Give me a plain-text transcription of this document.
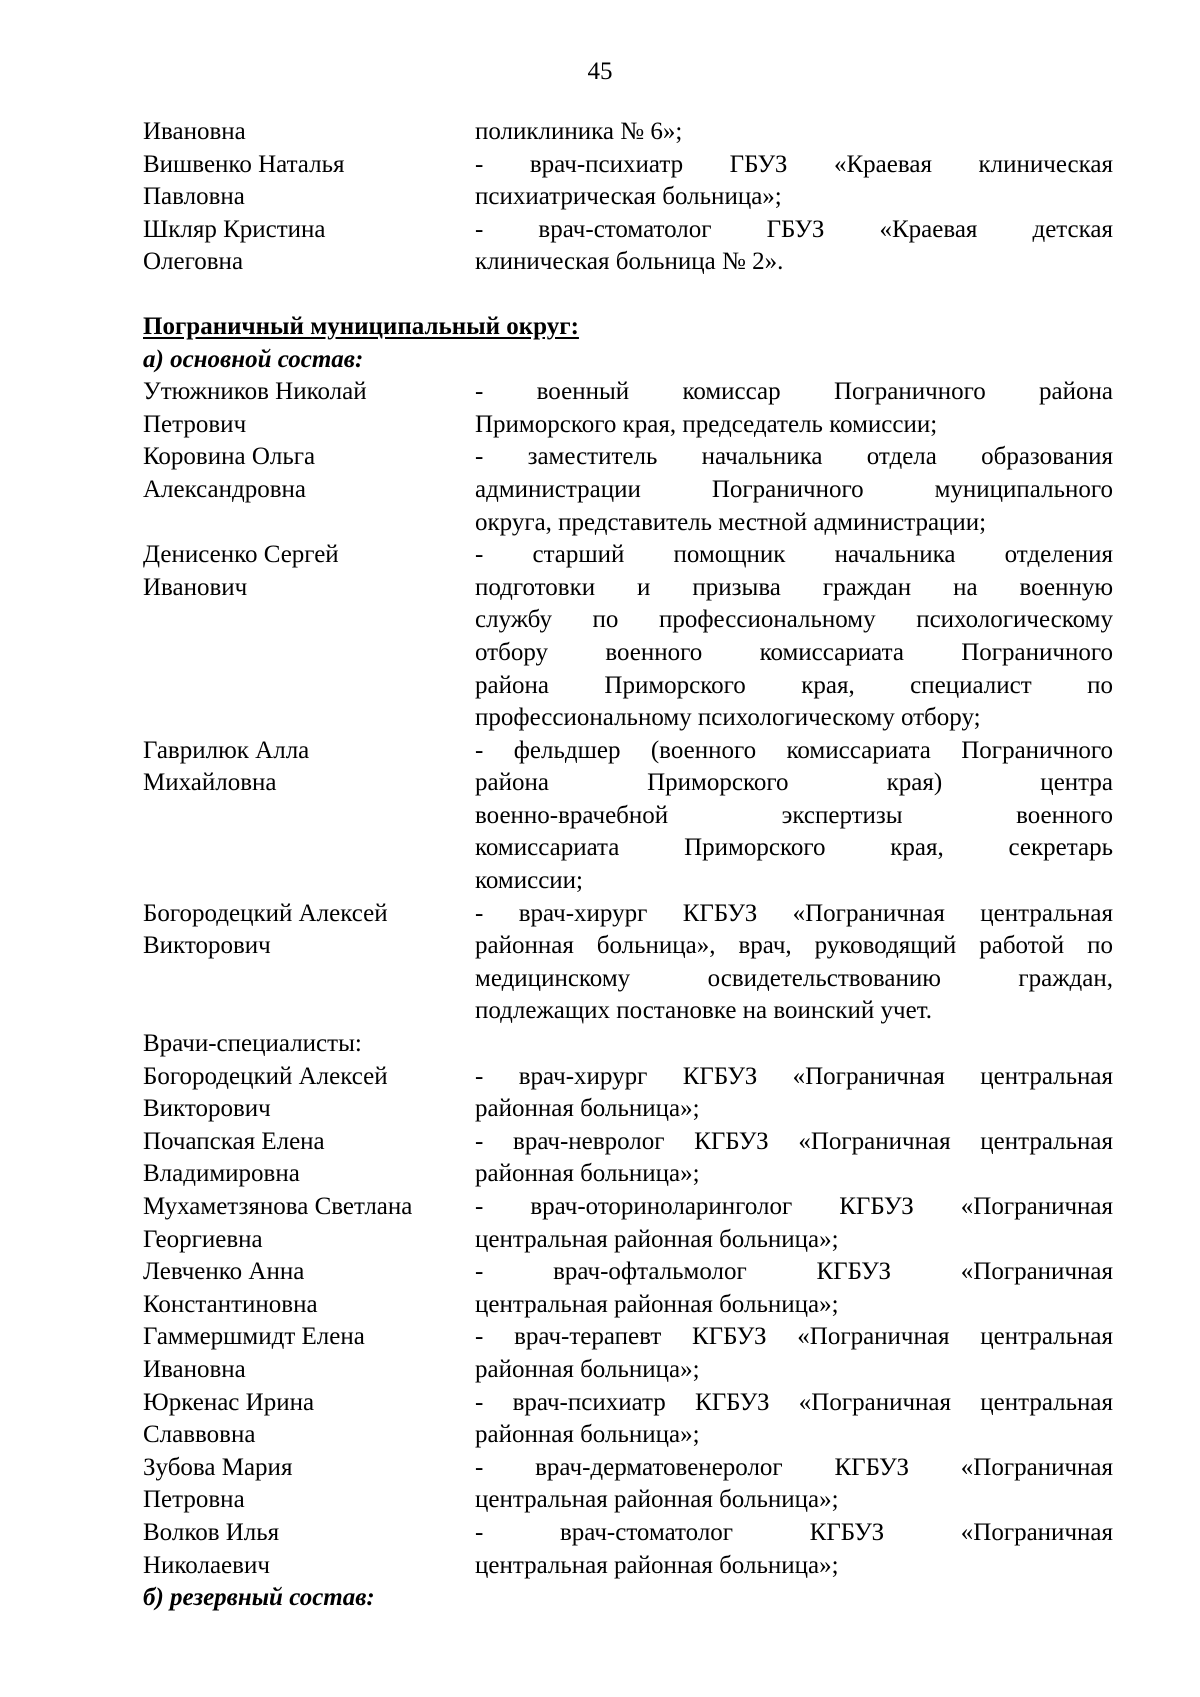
45
Ивановна	поликлиника № 6»;
Вишвенко Наталья
Павловна
- врач-психиатр ГБУЗ «Краевая клиническая
психиатрическая больница»;
Шкляр Кристина
Олеговна
- врач-стоматолог ГБУЗ «Краевая детская
клиническая больница № 2».
Пограничный муниципальный округ:
а) основной состав:
Утюжников Николай
Петрович
- военный комиссар Пограничного района
Приморского края, председатель комиссии;
Коровина Ольга
Александровна
- заместитель начальника отдела образования
администрации Пограничного муниципального
округа, представитель местной администрации;
Денисенко Сергей
Иванович
- старший помощник начальника отделения
подготовки и призыва граждан на военную
службу по профессиональному психологическому
отбору военного комиссариата Пограничного
района Приморского края, специалист по
профессиональному психологическому отбору;
Гаврилюк Алла
Михайловна
- фельдшер (военного комиссариата Пограничного
района Приморского края) центра
военно-врачебной экспертизы военного
комиссариата Приморского края, секретарь
комиссии;
Богородецкий Алексей
Викторович
- врач-хирург КГБУЗ «Пограничная центральная
районная больница», врач, руководящий работой по
медицинскому освидетельствованию граждан,
подлежащих постановке на воинский учет.
Врачи-специалисты:
Богородецкий Алексей
Викторович
- врач-хирург КГБУЗ «Пограничная центральная
районная больница»;
Почапская Елена
Владимировна
- врач-невролог КГБУЗ «Пограничная центральная
районная больница»;
Мухаметзянова Светлана
Георгиевна
- врач-оториноларинголог КГБУЗ «Пограничная
центральная районная больница»;
Левченко Анна
Константиновна
- врач-офтальмолог КГБУЗ «Пограничная
центральная районная больница»;
Гаммершмидт Елена
Ивановна
- врач-терапевт КГБУЗ «Пограничная центральная
районная больница»;
Юркенас Ирина
Славвовна
- врач-психиатр КГБУЗ «Пограничная центральная
районная больница»;
Зубова Мария
Петровна
- врач-дерматовенеролог КГБУЗ «Пограничная
центральная районная больница»;
Волков Илья
Николаевич
- врач-стоматолог КГБУЗ «Пограничная
центральная районная больница»;
б) резервный состав:
